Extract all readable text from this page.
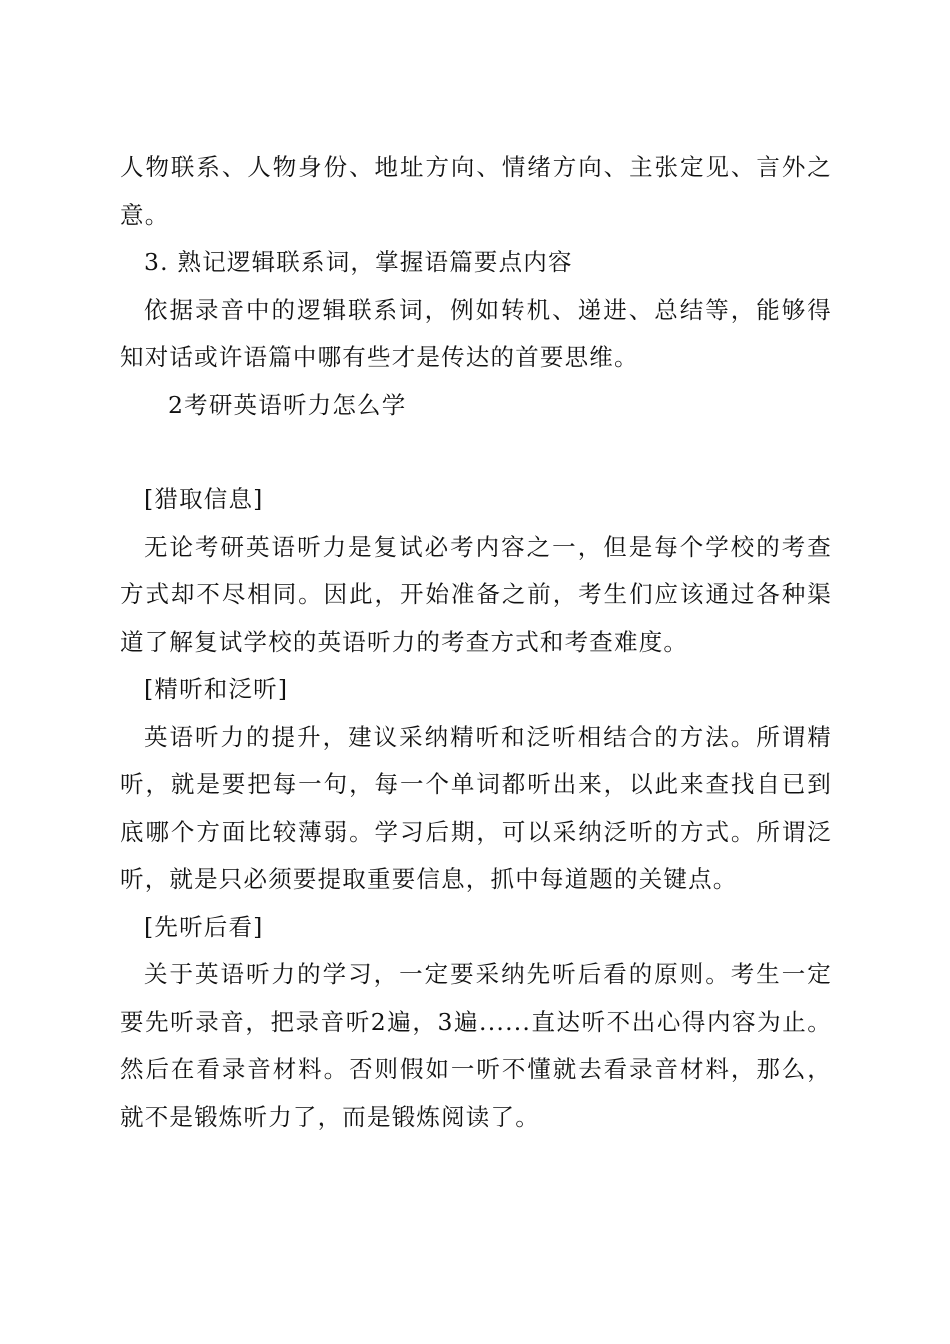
人物联系、人物身份、地址方向、情绪方向、主张定见、言外之意。

3. 熟记逻辑联系词，掌握语篇要点内容

依据录音中的逻辑联系词，例如转机、递进、总结等，能够得知对话或许语篇中哪有些才是传达的首要思维。

2考研英语听力怎么学

[猎取信息]

无论考研英语听力是复试必考内容之一，但是每个学校的考查方式却不尽相同。因此，开始准备之前，考生们应该通过各种渠道了解复试学校的英语听力的考查方式和考查难度。

[精听和泛听]

英语听力的提升，建议采纳精听和泛听相结合的方法。所谓精听，就是要把每一句，每一个单词都听出来，以此来查找自已到底哪个方面比较薄弱。学习后期，可以采纳泛听的方式。所谓泛听，就是只必须要提取重要信息，抓中每道题的关键点。

[先听后看]

关于英语听力的学习，一定要采纳先听后看的原则。考生一定要先听录音，把录音听2遍，3遍......直达听不出心得内容为止。然后在看录音材料。否则假如一听不懂就去看录音材料，那么，就不是锻炼听力了，而是锻炼阅读了。
